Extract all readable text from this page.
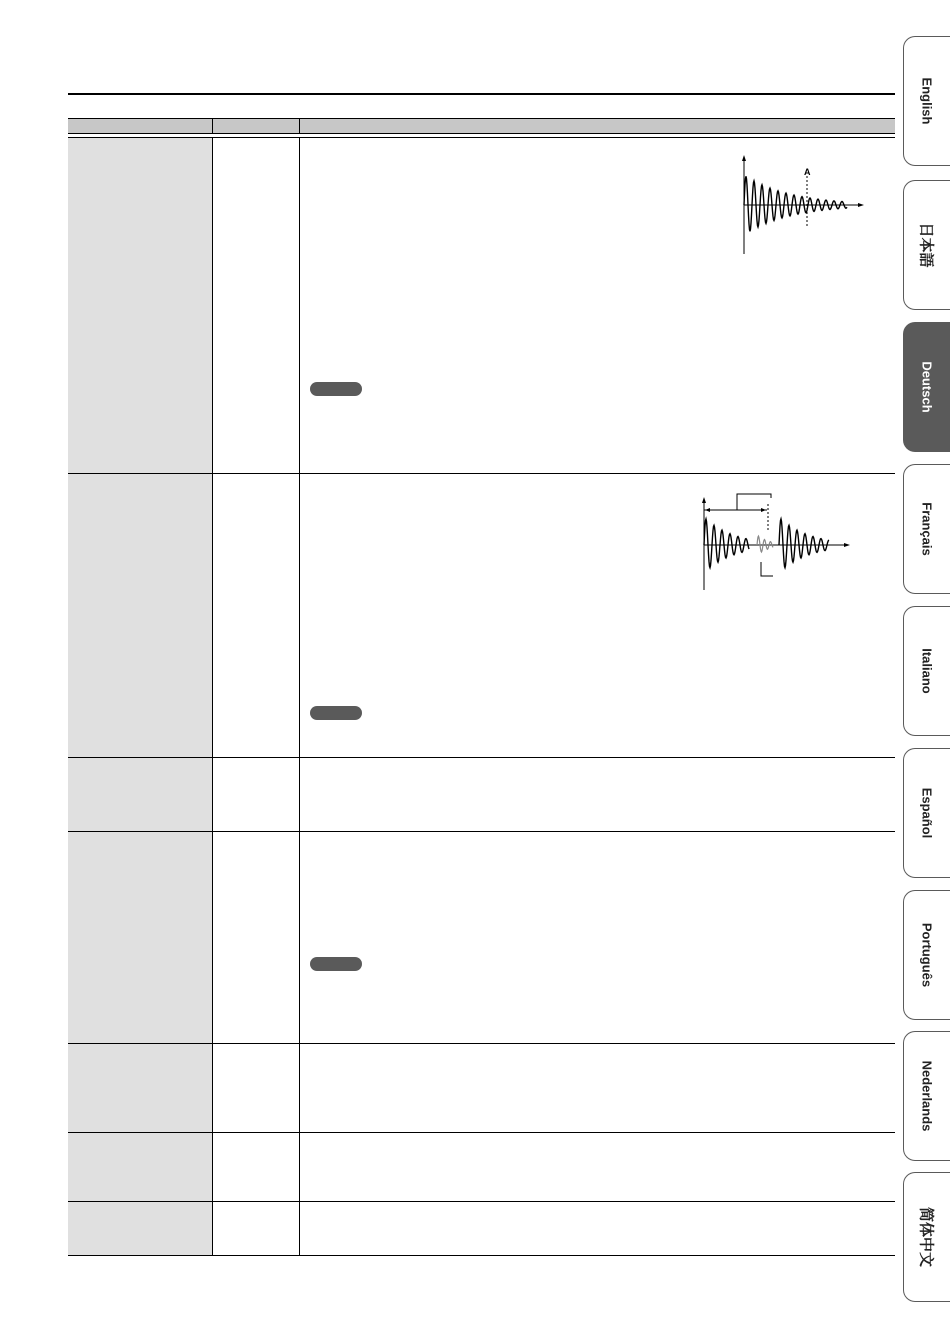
A
English
日本語
Deutsch
Français
Italiano
Español
Português
Nederlands
简体中文
